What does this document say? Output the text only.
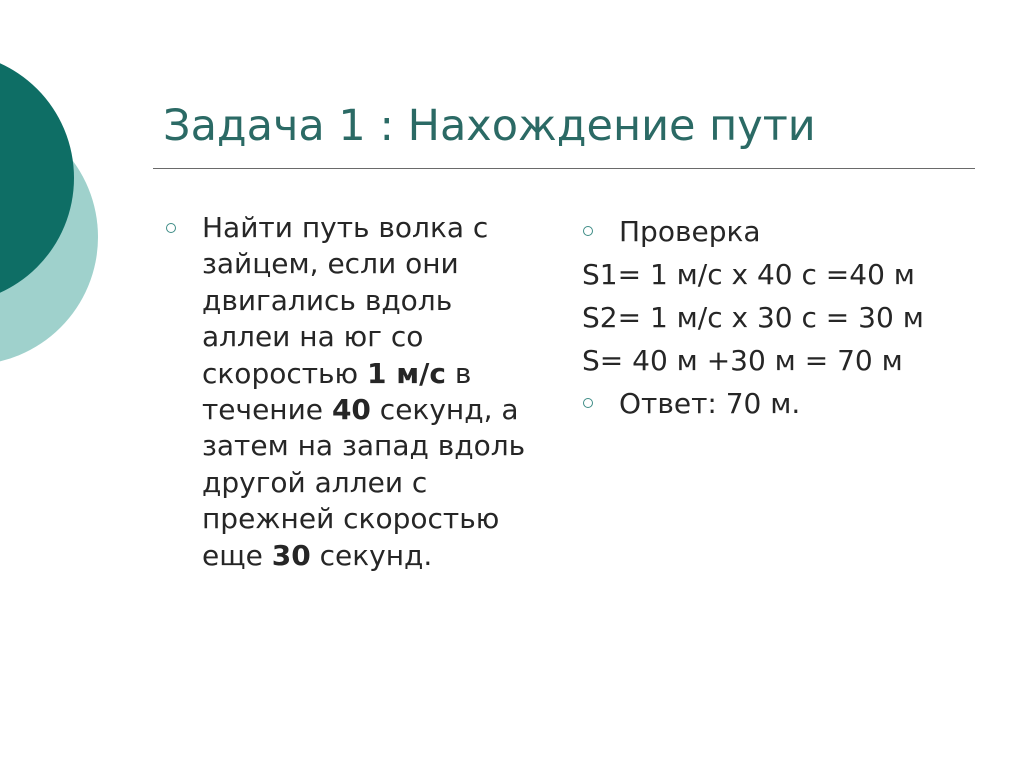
Задача 1 : Нахождение пути
Найти путь волка с зайцем, если они двигались вдоль аллеи на юг со скоростью 1 м/с в течение 40 секунд, а затем на запад вдоль другой аллеи с прежней скоростью еще 30 секунд.
Проверка
S1= 1 м/с х 40 с =40 м
S2= 1 м/с х 30 с = 30 м
S= 40 м +30 м = 70 м
Ответ: 70 м.
